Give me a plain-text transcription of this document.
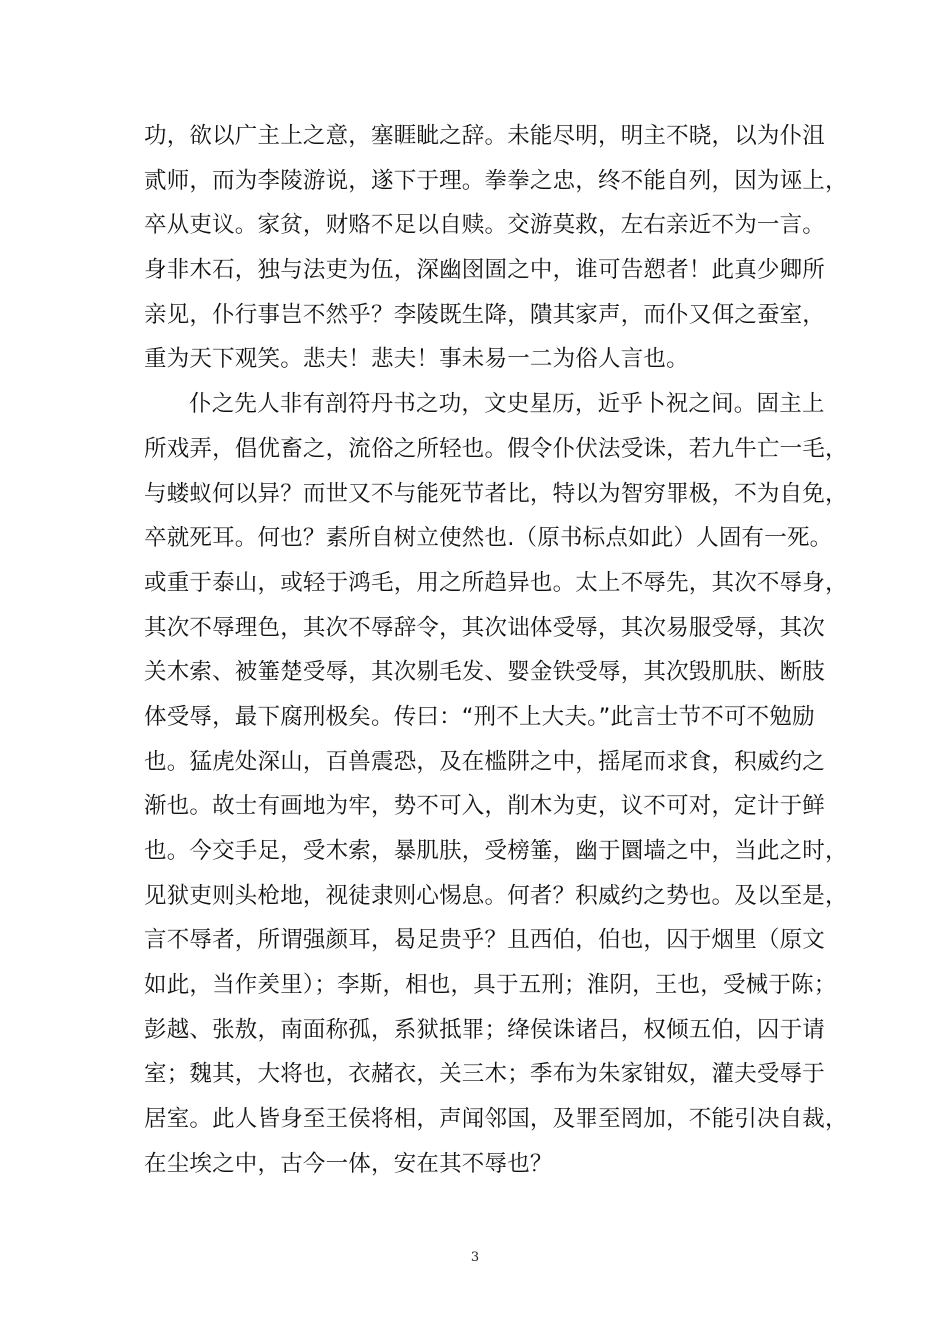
功，欲以广主上之意，塞睚眦之辞。未能尽明，明主不晓，以为仆沮
贰师，而为李陵游说，遂下于理。拳拳之忠，终不能自列，因为诬上，
卒从吏议。家贫，财赂不足以自赎。交游莫救，左右亲近不为一言。
身非木石，独与法吏为伍，深幽囹圄之中，谁可告愬者！此真少卿所
亲见，仆行事岂不然乎？李陵既生降，隤其家声，而仆又佴之蚕室，
重为天下观笑。悲夫！悲夫！事未易一二为俗人言也。
仆之先人非有剖符丹书之功，文史星历，近乎卜祝之间。固主上
所戏弄，倡优畜之，流俗之所轻也。假令仆伏法受诛，若九牛亡一毛，
与蝼蚁何以异？而世又不与能死节者比，特以为智穷罪极，不为自免，
卒就死耳。何也？素所自树立使然也.（原书标点如此）人固有一死。
或重于泰山，或轻于鸿毛，用之所趋异也。太上不辱先，其次不辱身，
其次不辱理色，其次不辱辞令，其次诎体受辱，其次易服受辱，其次
关木索、被箠楚受辱，其次剔毛发、婴金铁受辱，其次毁肌肤、断肢
体受辱，最下腐刑极矣。传曰：“刑不上大夫。”此言士节不可不勉励
也。猛虎处深山，百兽震恐，及在槛阱之中，摇尾而求食，积威约之
渐也。故士有画地为牢，势不可入，削木为吏，议不可对，定计于鲜
也。今交手足，受木索，暴肌肤，受榜箠，幽于圜墙之中，当此之时，
见狱吏则头枪地，视徒隶则心惕息。何者？积威约之势也。及以至是，
言不辱者，所谓强颜耳，曷足贵乎？且西伯，伯也，囚于烟里（原文
如此，当作羑里）；李斯，相也，具于五刑；淮阴，王也，受械于陈；
彭越、张敖，南面称孤，系狱抵罪；绛侯诛诸吕，权倾五伯，囚于请
室；魏其，大将也，衣赭衣，关三木；季布为朱家钳奴，灌夫受辱于
居室。此人皆身至王侯将相，声闻邻国，及罪至罔加，不能引决自裁，
在尘埃之中，古今一体，安在其不辱也？
3
